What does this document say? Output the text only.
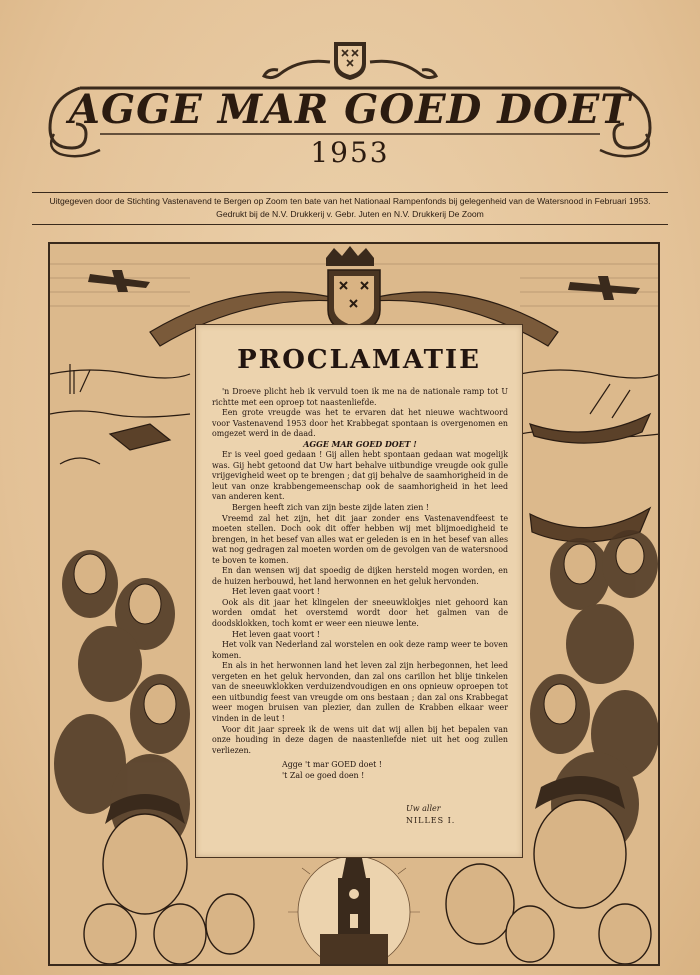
AGGE MAR GOED DOET
1953
Uitgegeven door de Stichting Vastenavend te Bergen op Zoom ten bate van het Nationaal Rampenfonds bij gelegenheid van de Watersnood in Februari 1953.
Gedrukt bij de N.V. Drukkerij v. Gebr. Juten en N.V. Drukkerij De Zoom
PROCLAMATIE

'n Droeve plicht heb ik vervuld toen ik me na de nationale ramp tot U richtte met een oproep tot naastenliefde.

Een grote vreugde was het te ervaren dat het nieuwe wachtwoord voor Vastenavend 1953 door het Krabbegat spontaan is overgenomen en omgezet werd in de daad.

AGGE MAR GOED DOET !

Er is veel goed gedaan ! Gij allen hebt spontaan gedaan wat mogelijk was. Gij hebt getoond dat Uw hart behalve uitbundige vreugde ook gulle vrijgevigheid weet op te brengen ; dat gij behalve de saamhorigheid in de leut van onze krabbengemeenschap ook de saamhorigheid in het leed van anderen kent.

Bergen heeft zich van zijn beste zijde laten zien !

Vreemd zal het zijn, het dit jaar zonder ens Vastenavendfeest te moeten stellen. Doch ook dit offer hebben wij met blijmoedigheid te brengen, in het besef van alles wat er geleden is en in het besef van alles wat nog gedragen zal moeten worden om de gevolgen van de watersnood te boven te komen.

En dan wensen wij dat spoedig de dijken hersteld mogen worden, en de huizen herbouwd, het land herwonnen en het geluk hervonden.

Het leven gaat voort !

Ook als dit jaar het klingelen der sneeuwklokjes niet gehoord kan worden omdat het overstemd wordt door het galmen van de doodsklokken, toch komt er weer een nieuwe lente.

Het leven gaat voort !

Het volk van Nederland zal worstelen en ook deze ramp weer te boven komen.

En als in het herwonnen land het leven zal zijn herbegonnen, het leed vergeten en het geluk hervonden, dan zal ons carillon het blije tinkelen van de sneeuwklokken verduizendvoudigen en ons opnieuw oproepen tot een uitbundig feest van vreugde om ons bestaan ; dan zal ons Krabbegat weer mogen bruisen van plezier, dan zullen de Krabben elkaar weer vinden in de leut !

Voor dit jaar spreek ik de wens uit dat wij allen bij het bepalen van onze houding in deze dagen de naastenliefde niet uit het oog zullen verliezen.

Agge 't mar GOED doet !
't Zal oe goed doen !
Uw aller
NILLES I.
